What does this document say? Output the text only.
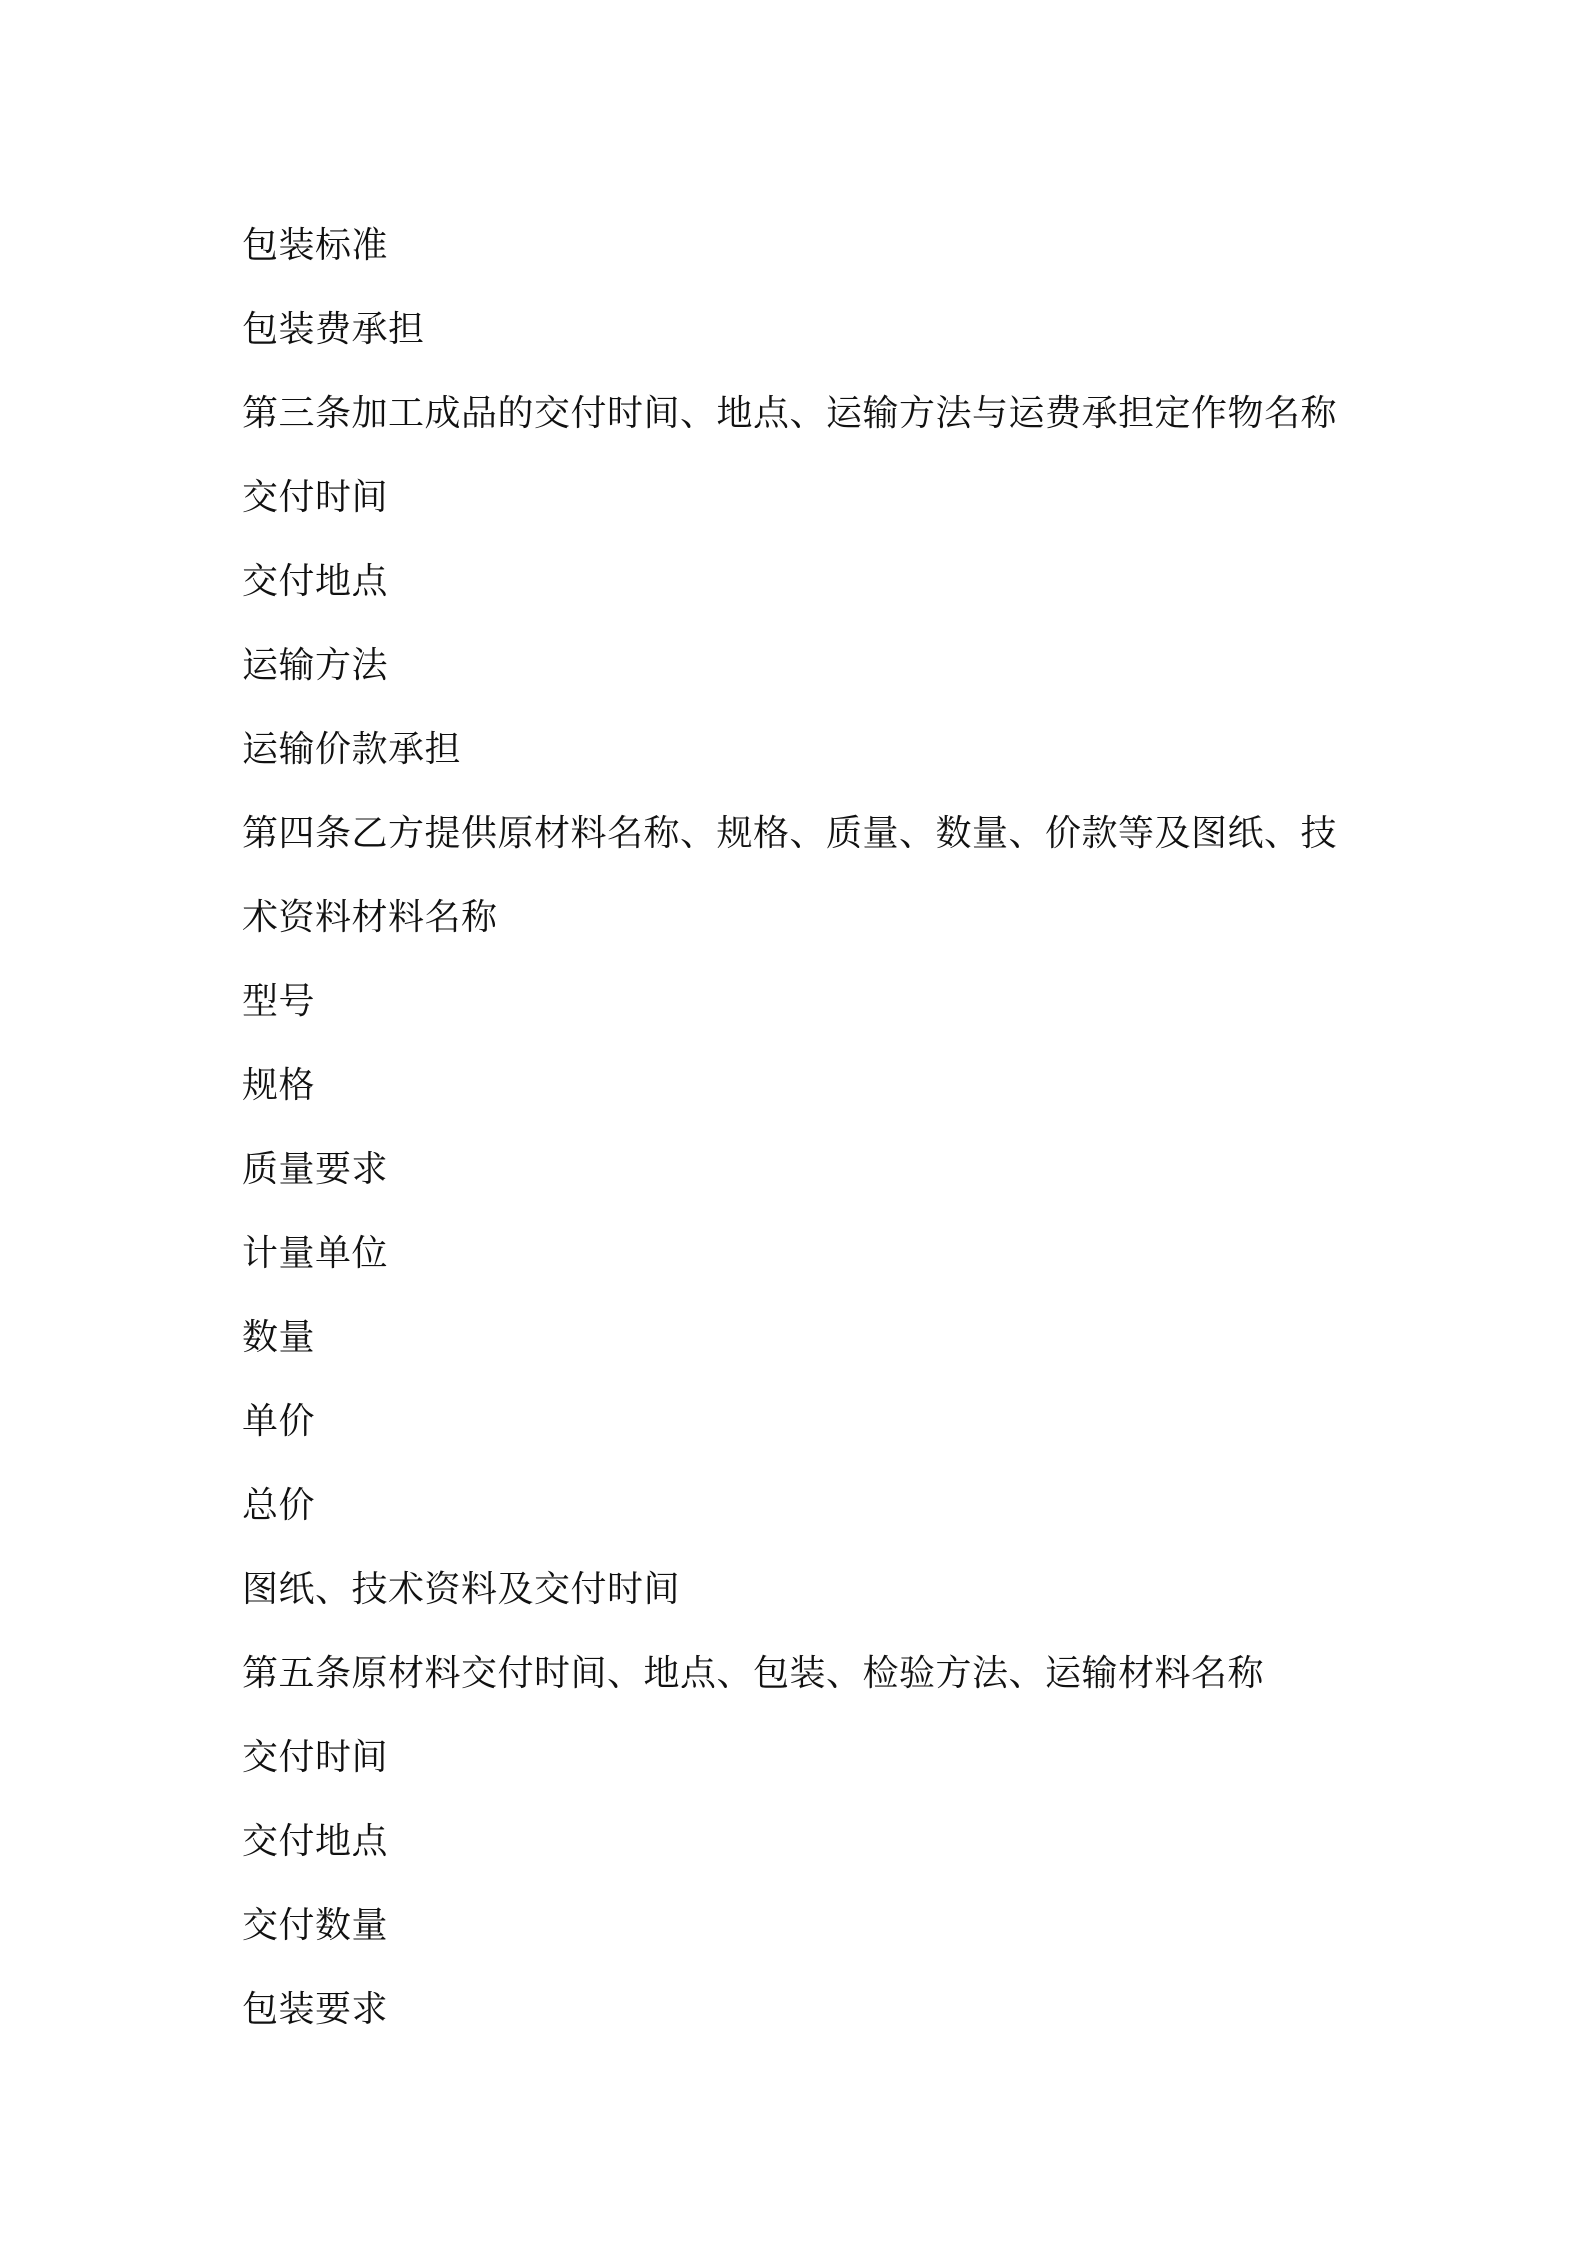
包装标准
包装费承担
第三条加工成品的交付时间、地点、运输方法与运费承担定作物名称
交付时间
交付地点
运输方法
运输价款承担
第四条乙方提供原材料名称、规格、质量、数量、价款等及图纸、技
术资料材料名称
型号
规格
质量要求
计量单位
数量
单价
总价
图纸、技术资料及交付时间
第五条原材料交付时间、地点、包装、检验方法、运输材料名称
交付时间
交付地点
交付数量
包装要求
